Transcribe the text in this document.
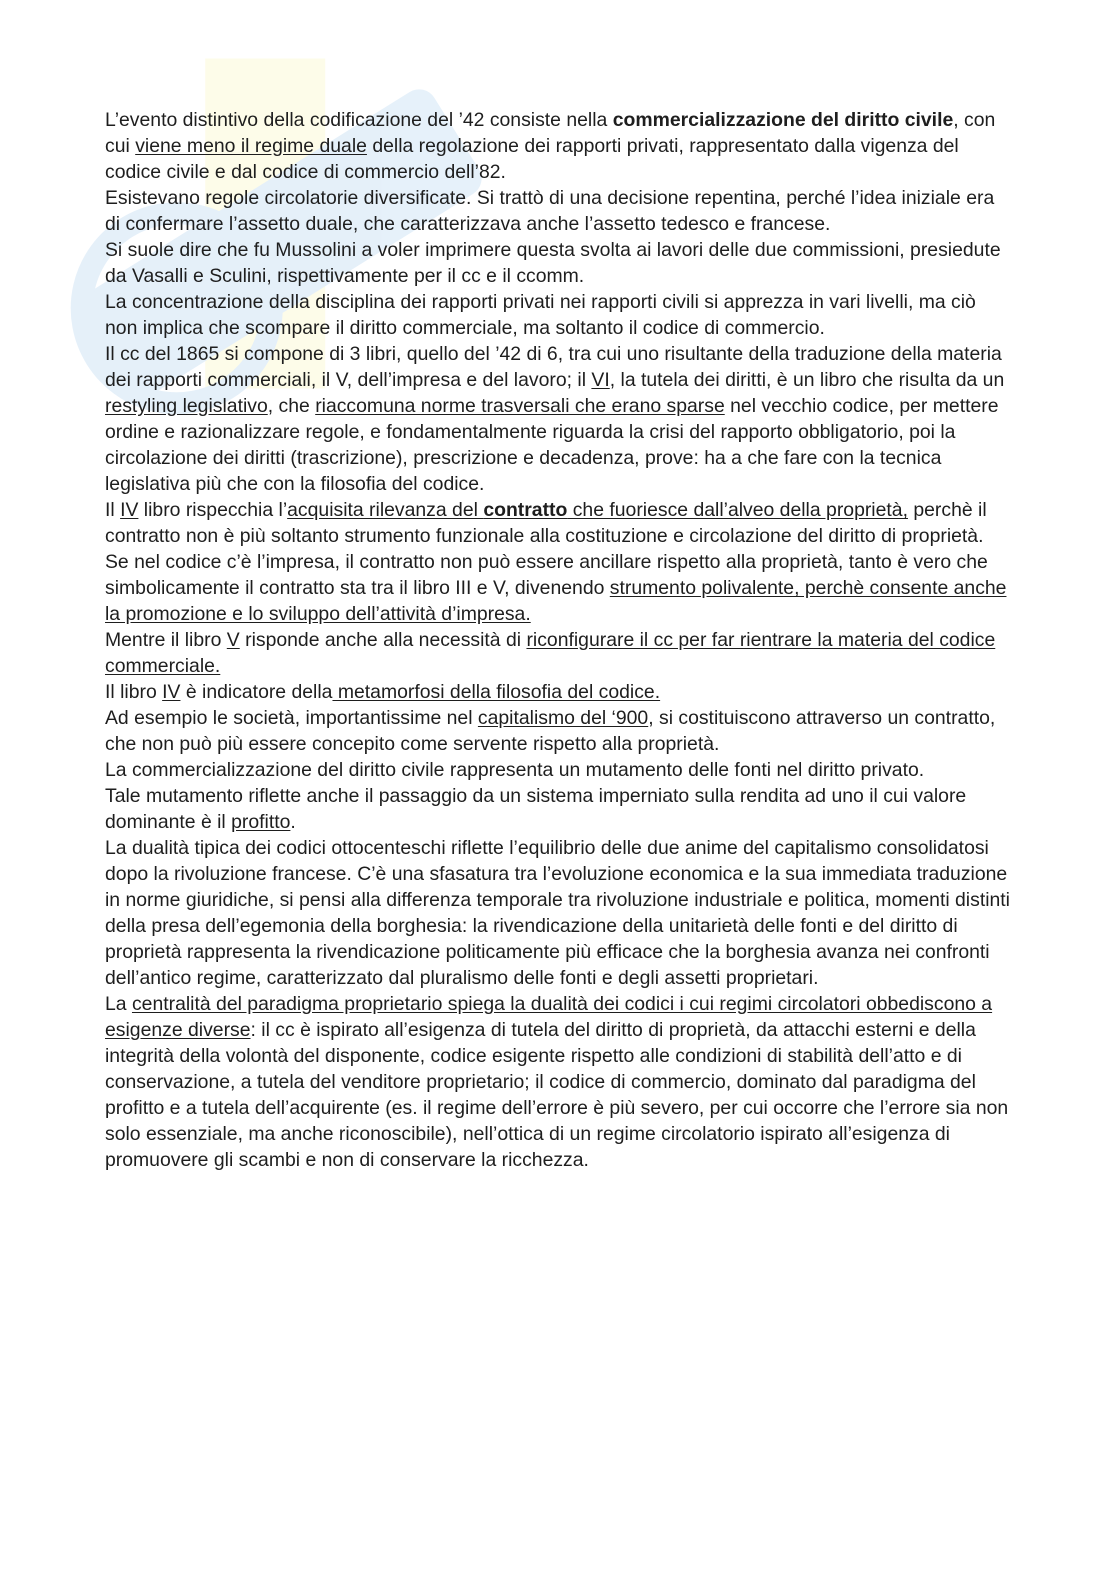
L’evento distintivo della codificazione del ’42 consiste nella commercializzazione del diritto civile, con cui viene meno il regime duale della regolazione dei rapporti privati, rappresentato dalla vigenza del codice civile e dal codice di commercio dell’82.

Esistevano regole circolatorie diversificate. Si trattò di una decisione repentina, perché l’idea iniziale era di confermare l’assetto duale, che caratterizzava anche l’assetto tedesco e francese.

Si suole dire che fu Mussolini a voler imprimere questa svolta ai lavori delle due commissioni, presiedute da Vasalli e Sculini, rispettivamente per il cc e il ccomm.

La concentrazione della disciplina dei rapporti privati nei rapporti civili si apprezza in vari livelli, ma ciò non implica che scompare il diritto commerciale, ma soltanto il codice di commercio.

Il cc del 1865 si compone di 3 libri, quello del ’42 di 6, tra cui uno risultante della traduzione della materia dei rapporti commerciali, il V, dell’impresa e del lavoro; il VI, la tutela dei diritti, è un libro che risulta da un restyling legislativo, che riaccomuna norme trasversali che erano sparse nel vecchio codice, per mettere ordine e razionalizzare regole, e fondamentalmente riguarda la crisi del rapporto obbligatorio, poi la circolazione dei diritti (trascrizione), prescrizione e decadenza, prove: ha a che fare con la tecnica legislativa più che con la filosofia del codice.

Il IV libro rispecchia l’acquisita rilevanza del contratto che fuoriesce dall’alveo della proprietà, perchè il contratto non è più soltanto strumento funzionale alla costituzione e circolazione del diritto di proprietà. Se nel codice c’è l’impresa, il contratto non può essere ancillare rispetto alla proprietà, tanto è vero che simbolicamente il contratto sta tra il libro III e V, divenendo strumento polivalente, perchè consente anche la promozione e lo sviluppo dell’attività d’impresa.

Mentre il libro V risponde anche alla necessità di riconfigurare il cc per far rientrare la materia del codice commerciale.

Il libro IV è indicatore della metamorfosi della filosofia del codice.

Ad esempio le società, importantissime nel capitalismo del ‘900, si costituiscono attraverso un contratto, che non può più essere concepito come servente rispetto alla proprietà.

La commercializzazione del diritto civile rappresenta un mutamento delle fonti nel diritto privato.

Tale mutamento riflette anche il passaggio da un sistema imperniato sulla rendita ad uno il cui valore dominante è il profitto.

La dualità tipica dei codici ottocenteschi riflette l’equilibrio delle due anime del capitalismo consolidatosi dopo la rivoluzione francese. C’è una sfasatura tra l’evoluzione economica e la sua immediata traduzione in norme giuridiche, si pensi alla differenza temporale tra rivoluzione industriale e politica, momenti distinti della presa dell’egemonia della borghesia: la rivendicazione della unitarietà delle fonti e del diritto di proprietà rappresenta la rivendicazione politicamente più efficace che la borghesia avanza nei confronti dell’antico regime, caratterizzato dal pluralismo delle fonti e degli assetti proprietari.

La centralità del paradigma proprietario spiega la dualità dei codici i cui regimi circolatori obbediscono a esigenze diverse: il cc è ispirato all’esigenza di tutela del diritto di proprietà, da attacchi esterni e della integrità della volontà del disponente, codice esigente rispetto alle condizioni di stabilità dell’atto e di conservazione, a tutela del venditore proprietario; il codice di commercio, dominato dal paradigma del profitto e a tutela dell’acquirente (es. il regime dell’errore è più severo, per cui occorre che l’errore sia non solo essenziale, ma anche riconoscibile), nell’ottica di un regime circolatorio ispirato all’esigenza di promuovere gli scambi e non di conservare la ricchezza.
